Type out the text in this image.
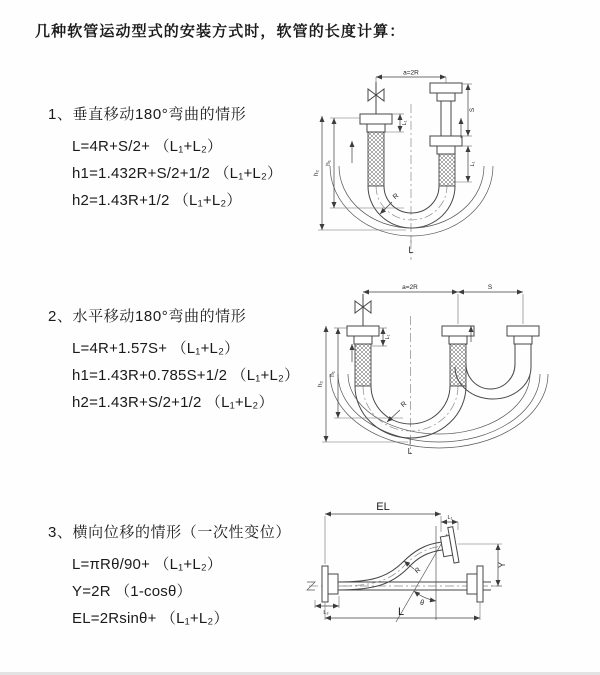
几种软管运动型式的安装方式时，软管的长度计算：
1、垂直移动180°弯曲的情形
L=4R+S/2+ （L₁+L₂）
h1=1.432R+S/2+1/2 （L₁+L₂）
h2=1.43R+1/2 （L₁+L₂）
a=2R
S
L₁
L₁
h₁
h₂
R
L
2、水平移动180°弯曲的情形
L=4R+1.57S+ （L₁+L₂）
h1=1.43R+0.785S+1/2 （L₁+L₂）
h2=1.43R+S/2+1/2 （L₁+L₂）
a=2R	S
L₁
h₁
h₂
R
L
3、横向位移的情形（一次性变位）
L=πRθ/90+ （L₁+L₂）
Y=2R （1-cosθ）
EL=2Rsinθ+ （L₁+L₂）
EL
L₁
Y
L₂	L
θ
R
